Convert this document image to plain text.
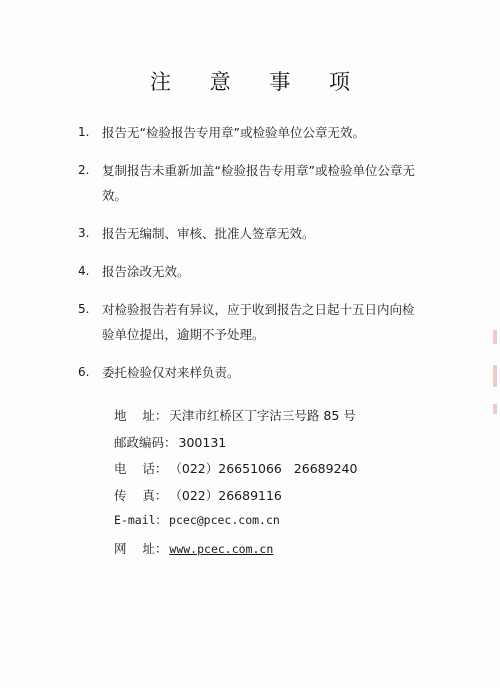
注 意 事 项
1.	报告无“检验报告专用章”或检验单位公章无效。
2.	复制报告未重新加盖“检验报告专用章”或检验单位公章无效。
3.	报告无编制、审核、批准人签章无效。
4.	报告涂改无效。
5.	对检验报告若有异议，应于收到报告之日起十五日内向检验单位提出，逾期不予处理。
6.	委托检验仅对来样负责。
地    址： 天津市红桥区丁字沽三号路 85 号
邮政编码： 300131
电    话： （022）26651066   26689240
传    真： （022）26689116
E-mail： pcec@pcec.com.cn
网    址： www.pcec.com.cn
